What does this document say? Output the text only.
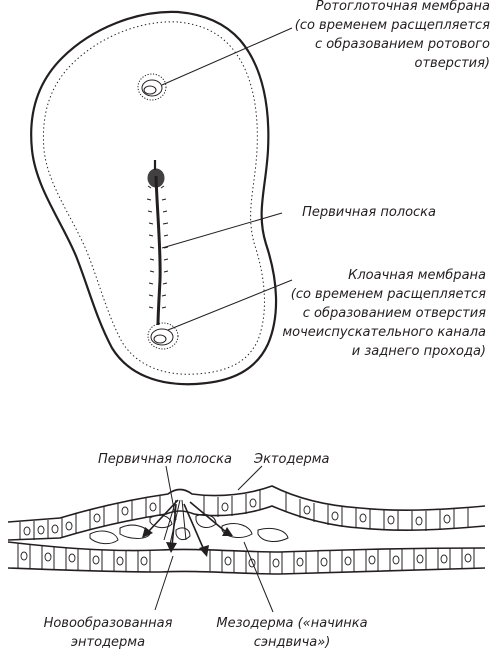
Ротоглоточная мембрана
(со временем расщепляется
с образованием ротового
отверстия)
Первичная полоска
Клоачная мембрана
(со временем расщепляется
с образованием отверстия
мочеиспускательного канала
и заднего прохода)
Первичная полоска Эктодерма
Новообразованная
энтодерма
Мезодерма («начинка
сэндвича»)
